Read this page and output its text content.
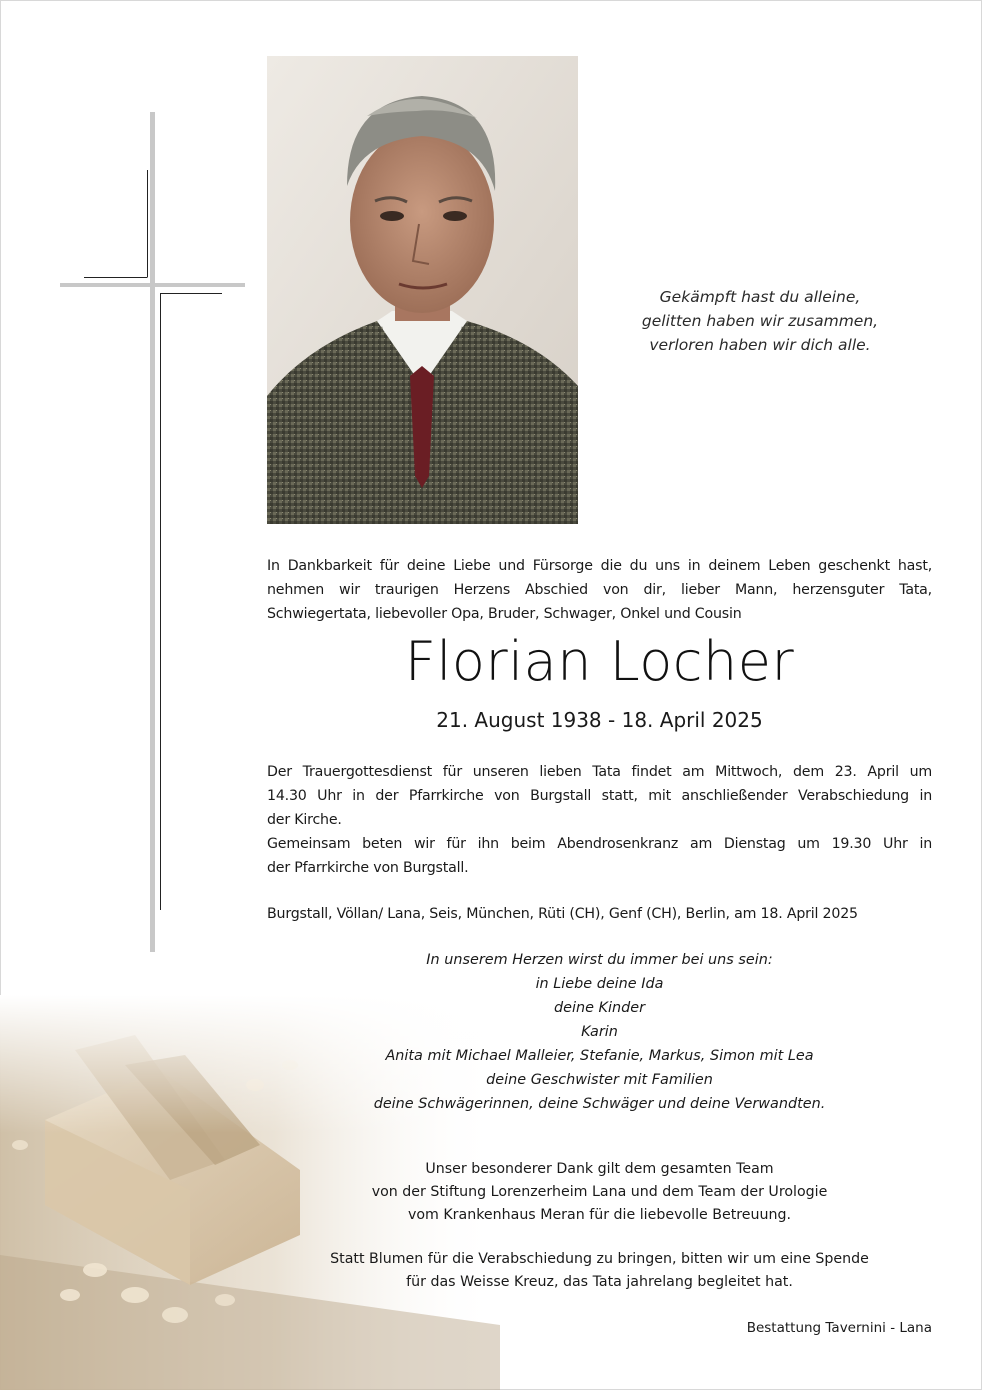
Gekämpft hast du alleine,
gelitten haben wir zusammen,
verloren haben wir dich alle.
In Dankbarkeit für deine Liebe und Fürsorge die du uns in deinem Leben geschenkt hast,
nehmen wir traurigen Herzens Abschied von dir, lieber Mann, herzensguter Tata,
Schwiegertata, liebevoller Opa, Bruder, Schwager, Onkel und Cousin
Florian Locher
21. August 1938 - 18. April 2025
Der Trauergottesdienst für unseren lieben Tata findet am Mittwoch, dem 23. April um
14.30 Uhr in der Pfarrkirche von Burgstall statt, mit anschließender Verabschiedung in
der Kirche.
Gemeinsam beten wir für ihn beim Abendrosenkranz am Dienstag um 19.30 Uhr in
der Pfarrkirche von Burgstall.
Burgstall, Völlan/ Lana, Seis, München, Rüti (CH), Genf (CH), Berlin, am 18. April 2025
In unserem Herzen wirst du immer bei uns sein:
in Liebe deine Ida
deine Kinder
Karin
Anita mit Michael Malleier, Stefanie, Markus, Simon mit Lea
deine Geschwister mit Familien
deine Schwägerinnen, deine Schwäger und deine Verwandten.
Unser besonderer Dank gilt dem gesamten Team
von der Stiftung Lorenzerheim Lana und dem Team der Urologie
vom Krankenhaus Meran für die liebevolle Betreuung.
Statt Blumen für die Verabschiedung zu bringen, bitten wir um eine Spende
für das Weisse Kreuz, das Tata jahrelang begleitet hat.
Bestattung Tavernini - Lana
